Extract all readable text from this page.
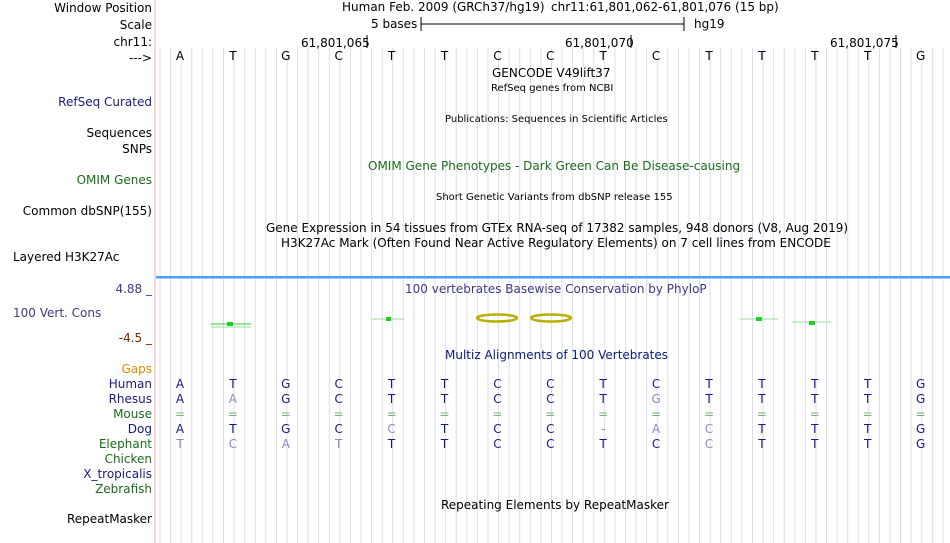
Window Position
Scale
chr11:
--->
Human Feb. 2009 (GRCh37/hg19) chr11:61,801,062-61,801,076 (15 bp)
5 bases	hg19
61,801,065	61,801,070	61,801,075
A	T	G	C	T	T	C	C	T	C	T	T	T	T	G
GENCODE V49lift37
RefSeq genes from NCBI
RefSeq Curated
Publications: Sequences in Scientific Articles
Sequences
SNPs
OMIM Gene Phenotypes - Dark Green Can Be Disease-causing
OMIM Genes
Short Genetic Variants from dbSNP release 155
Common dbSNP(155)
Gene Expression in 54 tissues from GTEx RNA-seq of 17382 samples, 948 donors (V8, Aug 2019)
H3K27Ac Mark (Often Found Near Active Regulatory Elements) on 7 cell lines from ENCODE
Layered H3K27Ac
4.88 _	100 vertebrates Basewise Conservation by PhyloP
100 Vert. Cons
-4.5 _
Multiz Alignments of 100 Vertebrates
Gaps
Human A	T	G	C	T	T	C	C	T	C	T	T	T	T	G
Rhesus A	A	G	C	T	T	C	C	T	G	T	T	T	T	G
Mouse =	=	=	=	=	=	=	=	=	=	=	=	=	=	=
Dog A	T	G	C	C	T	C	C	-	A	C	T	T	T	G
Elephant T	C	A	T	T	T	C	C	T	C	C	T	T	T	G
Chicken
X_tropicalis
Zebrafish
Repeating Elements by RepeatMasker
RepeatMasker
